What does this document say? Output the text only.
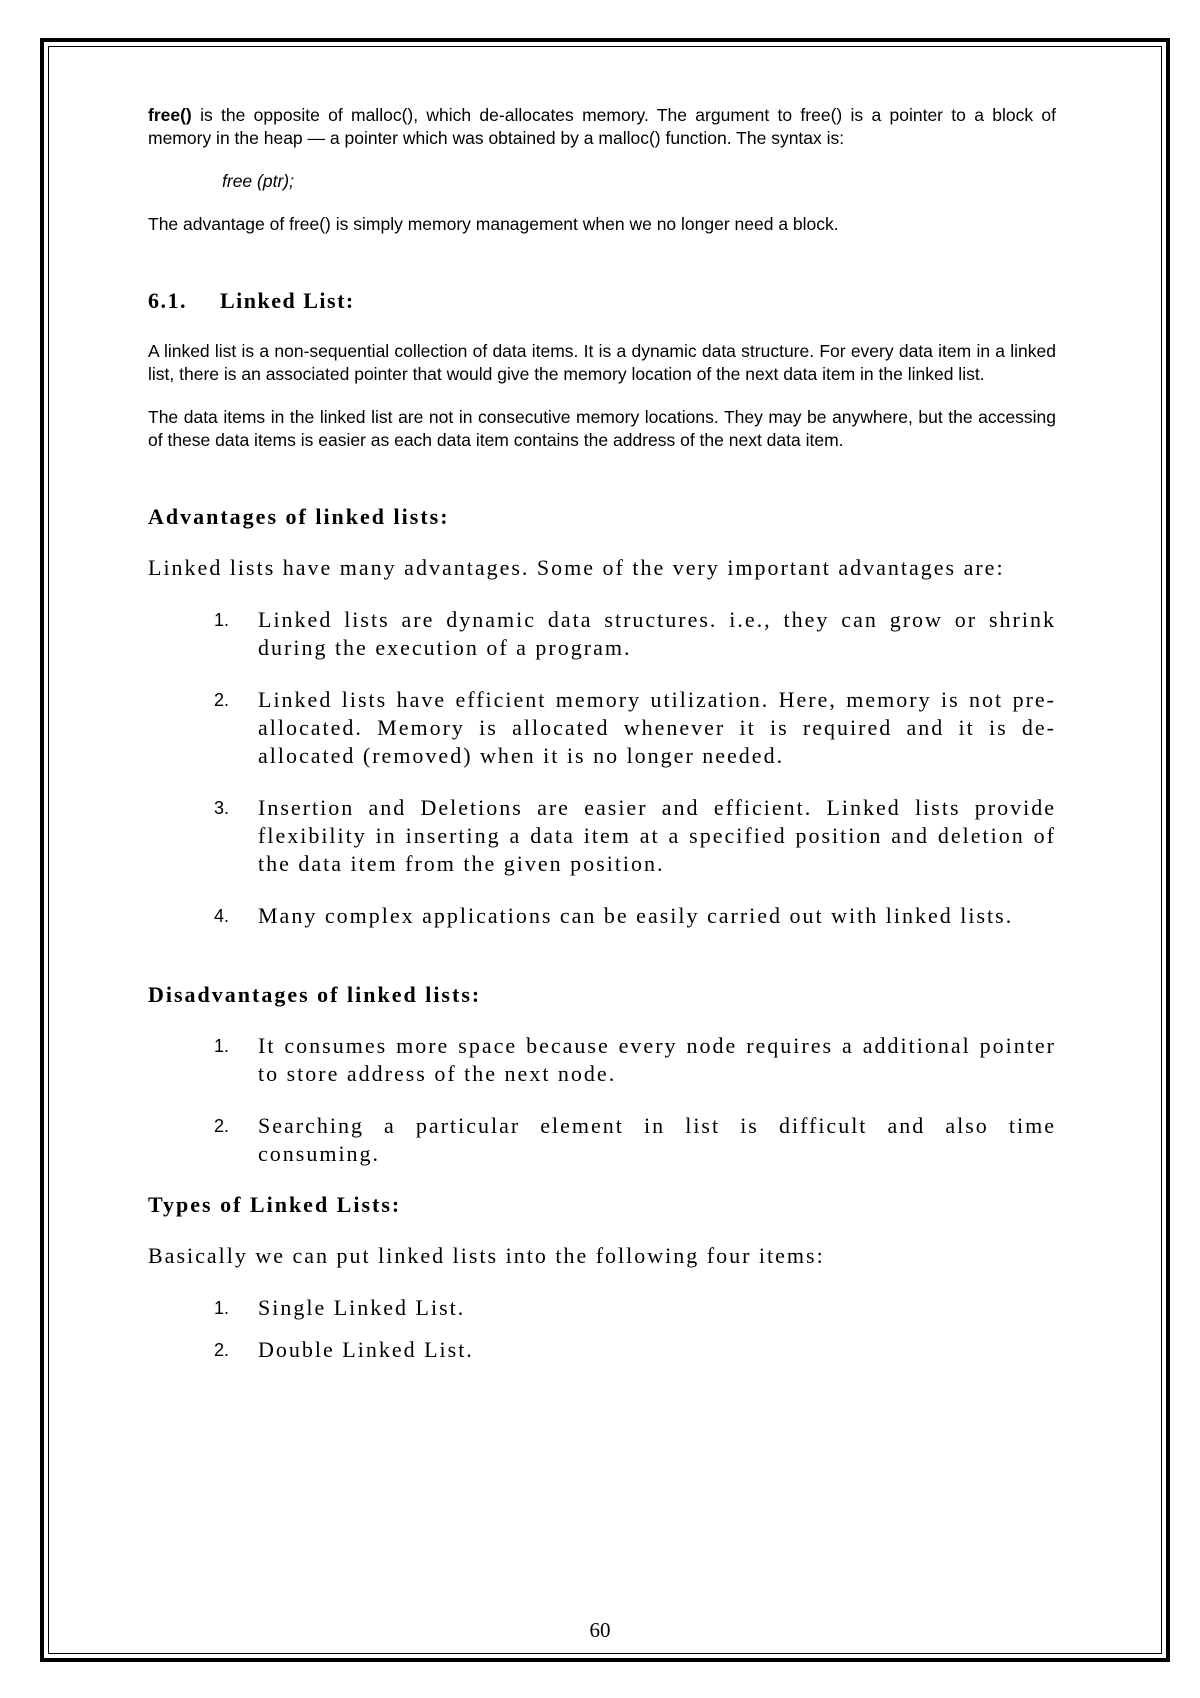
free() is the opposite of malloc(), which de-allocates memory. The argument to free() is a pointer to a block of memory in the heap — a pointer which was obtained by a malloc() function. The syntax is:

free (ptr);

The advantage of free() is simply memory management when we no longer need a block.

6.1. Linked List:

A linked list is a non-sequential collection of data items. It is a dynamic data structure. For every data item in a linked list, there is an associated pointer that would give the memory location of the next data item in the linked list.

The data items in the linked list are not in consecutive memory locations. They may be anywhere, but the accessing of these data items is easier as each data item contains the address of the next data item.

Advantages of linked lists:

Linked lists have many advantages. Some of the very important advantages are:

1. Linked lists are dynamic data structures. i.e., they can grow or shrink during the execution of a program.
2. Linked lists have efficient memory utilization. Here, memory is not pre-allocated. Memory is allocated whenever it is required and it is de-allocated (removed) when it is no longer needed.
3. Insertion and Deletions are easier and efficient. Linked lists provide flexibility in inserting a data item at a specified position and deletion of the data item from the given position.
4. Many complex applications can be easily carried out with linked lists.
Disadvantages of linked lists:
1. It consumes more space because every node requires a additional pointer to store address of the next node.
2. Searching a particular element in list is difficult and also time consuming.
Types of Linked Lists:

Basically we can put linked lists into the following four items:

1. Single Linked List.
2. Double Linked List.
60
